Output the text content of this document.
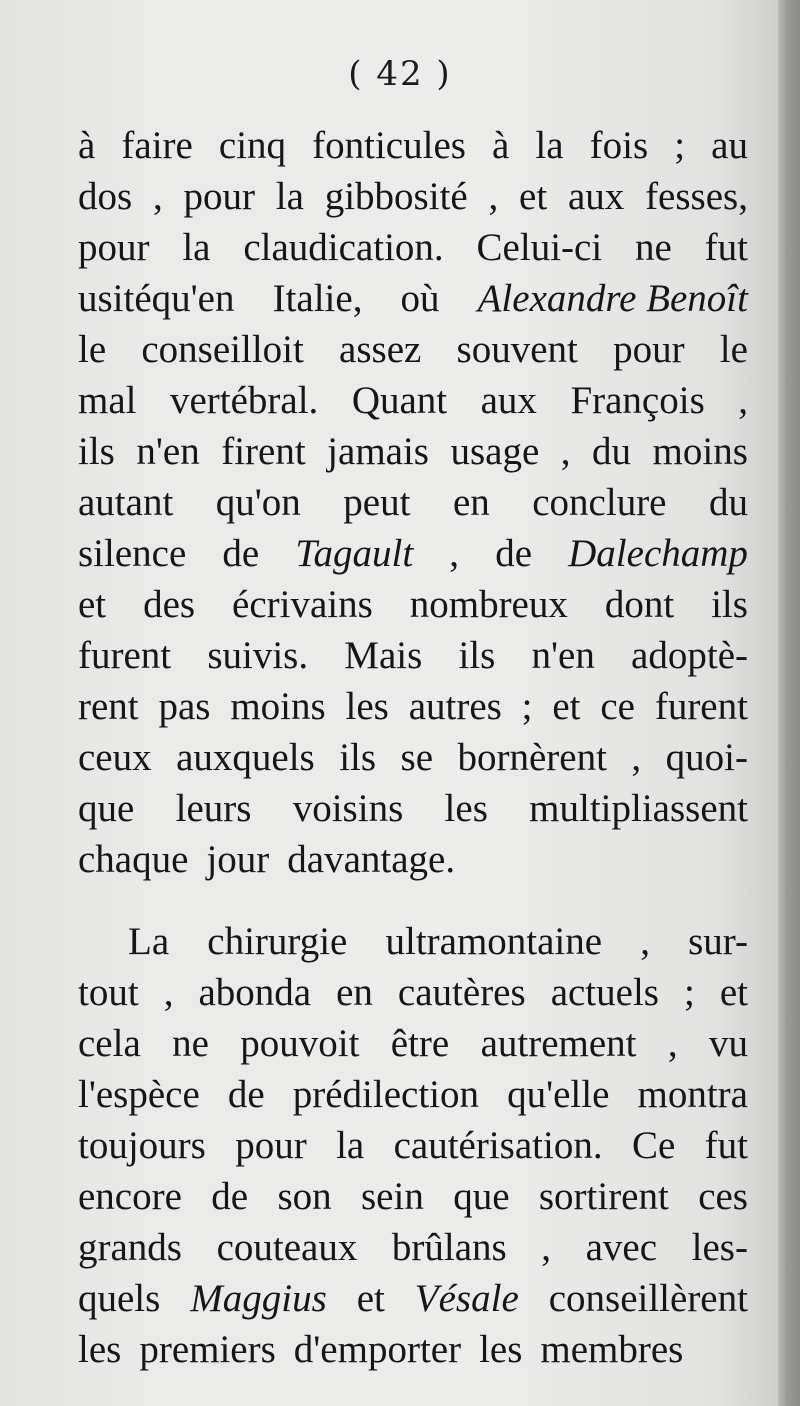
( 42 )
à faire cinq fonticules à la fois ; au
dos , pour la gibbosité , et aux fesses,
pour la claudication. Celui-ci ne fut
usitéqu'en Italie, où Alexandre Benoît
le conseilloit assez souvent pour le
mal vertébral. Quant aux François ,
ils n'en firent jamais usage , du moins
autant qu'on peut en conclure du
silence de Tagault , de Dalechamp
et des écrivains nombreux dont ils
furent suivis. Mais ils n'en adoptè-
rent pas moins les autres ; et ce furent
ceux auxquels ils se bornèrent , quoi-
que leurs voisins les multipliassent
chaque jour davantage.
La chirurgie ultramontaine , sur-
tout , abonda en cautères actuels ; et
cela ne pouvoit être autrement , vu
l'espèce de prédilection qu'elle montra
toujours pour la cautérisation. Ce fut
encore de son sein que sortirent ces
grands couteaux brûlans , avec les-
quels Maggius et Vésale conseillèrent
les premiers d'emporter les membres
